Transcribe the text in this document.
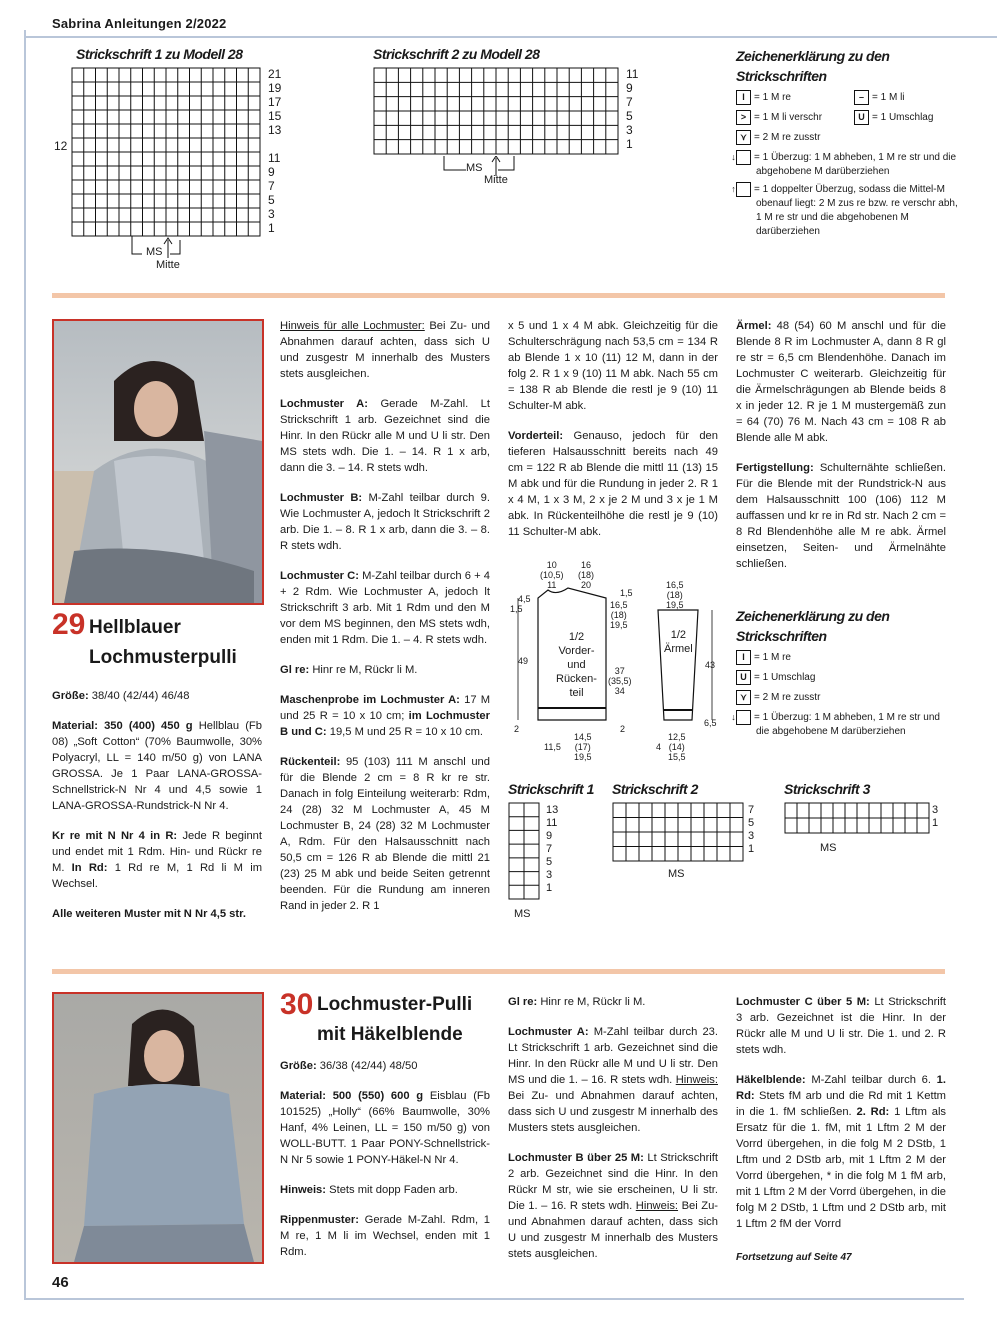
Sabrina Anleitungen 2/2022
Strickschrift 1 zu Modell 28
21
19
17
15
13
11
9
7
5
3
1
12
MS
Mitte
Strickschrift 2 zu Modell 28
11
9
7
5
3
1
MS
Mitte
Zeichenerklärung zu den Strickschriften
I = 1 M re	– = 1 M li
> = 1 M li verschr	U = 1 Umschlag
⋎ = 2 M re zusstr
↓ = 1 Überzug: 1 M abheben, 1 M re str und die abgehobene M darüberziehen
↑ = 1 doppelter Überzug, sodass die Mittel-M obenauf liegt: 2 M zus re bzw. re verschr abh, 1 M re str und die abgehobenen M darüberziehen
29 Hellblauer
Lochmusterpulli

Größe: 38/40 (42/44) 46/48

Material: 350 (400) 450 g Hellblau (Fb 08) „Soft Cotton“ (70% Baumwolle, 30% Polyacryl, LL = 140 m/50 g) von LANA GROSSA. Je 1 Paar LANA-GROSSA-Schnellstrick-N Nr 4 und 4,5 sowie 1 LANA-GROSSA-Rundstrick-N Nr 4.

Kr re mit N Nr 4 in R: Jede R beginnt und endet mit 1 Rdm. Hin- und Rückr re M. In Rd: 1 Rd re M, 1 Rd li M im Wechsel.

Alle weiteren Muster mit N Nr 4,5 str.

Hinweis für alle Lochmuster: Bei Zu- und Abnahmen darauf achten, dass sich U und zusgestr M innerhalb des Musters stets ausgleichen.

Lochmuster A: Gerade M-Zahl. Lt Strickschrift 1 arb. Gezeichnet sind die Hinr. In den Rückr alle M und U li str. Den MS stets wdh. Die 1. – 14. R 1 x arb, dann die 3. – 14. R stets wdh.

Lochmuster B: M-Zahl teilbar durch 9. Wie Lochmuster A, jedoch lt Strickschrift 2 arb. Die 1. – 8. R 1 x arb, dann die 3. – 8. R stets wdh.

Lochmuster C: M-Zahl teilbar durch 6 + 4 + 2 Rdm. Wie Lochmuster A, jedoch lt Strickschrift 3 arb. Mit 1 Rdm und den M vor dem MS beginnen, den MS stets wdh, enden mit 1 Rdm. Die 1. – 4. R stets wdh.

Gl re: Hinr re M, Rückr li M.

Maschenprobe im Lochmuster A: 17 M und 25 R = 10 x 10 cm; im Lochmuster B und C: 19,5 M und 25 R = 10 x 10 cm.

Rückenteil: 95 (103) 111 M anschl und für die Blende 2 cm = 8 R kr re str. Danach in folg Einteilung weiterarb: Rdm, 24 (28) 32 M Lochmuster A, 45 M Lochmuster B, 24 (28) 32 M Lochmuster A, Rdm. Für den Halsausschnitt nach 50,5 cm = 126 R ab Blende die mittl 21 (23) 25 M abk und beide Seiten getrennt beenden. Für die Rundung am inneren Rand in jeder 2. R 1

x 5 und 1 x 4 M abk. Gleichzeitig für die Schulterschrägung nach 53,5 cm = 134 R ab Blende 1 x 10 (11) 12 M, dann in der folg 2. R 1 x 9 (10) 11 M abk. Nach 55 cm = 138 R ab Blende die restl je 9 (10) 11 Schulter-M abk.

Vorderteil: Genauso, jedoch für den tieferen Halsausschnitt bereits nach 49 cm = 122 R ab Blende die mittl 11 (13) 15 M abk und für die Rundung in jeder 2. R 1 x 4 M, 1 x 3 M, 2 x je 2 M und 3 x je 1 M abk. In Rückenteilhöhe die restl je 9 (10) 11 Schulter-M abk.

Ärmel: 48 (54) 60 M anschl und für die Blende 8 R im Lochmuster A, dann 8 R gl re str = 6,5 cm Blendenhöhe. Danach im Lochmuster C weiterarb. Gleichzeitig für die Ärmelschrägungen ab Blende beids 8 x in jeder 12. R je 1 M mustergemäß zun = 64 (70) 76 M. Nach 43 cm = 108 R ab Blende alle M abk.

Fertigstellung: Schulternähte schließen. Für die Blende mit der Rundstrick-N aus dem Halsausschnitt 100 (106) 112 M auffassen und kr re in Rd str. Nach 2 cm = 8 Rd Blendenhöhe alle M re abk. Ärmel einsetzen, Seiten- und Ärmelnähte schließen.

Zeichenerklärung zu den Strickschriften
I = 1 M re
U = 1 Umschlag
⋎ = 2 M re zusstr
↓ = 1 Überzug: 1 M abheben, 1 M re str und die abgehobene M darüberziehen
10
(10,5)
11
16
(18)
20
1,5
4,5
1,5	16,5
(18)
19,5
49
1/2
Vorder-
und
Rücken-
teil
37
(35,5)
34
2	2
14,5
(17)
19,5
11,5
16,5
(18)
19,5
1/2
Ärmel
43
6,5
4
12,5
(14)
15,5
Strickschrift 1
13
11
9
7
5
3
1
MS
Strickschrift 2
7
5
3
1
MS
Strickschrift 3
3
1
MS
30 Lochmuster-Pulli
mit Häkelblende

Größe: 36/38 (42/44) 48/50

Material: 500 (550) 600 g Eisblau (Fb 101525) „Holly“ (66% Baumwolle, 30% Hanf, 4% Leinen, LL = 150 m/50 g) von WOLL-BUTT. 1 Paar PONY-Schnellstrick-N Nr 5 sowie 1 PONY-Häkel-N Nr 4.

Hinweis: Stets mit dopp Faden arb.

Rippenmuster: Gerade M-Zahl. Rdm, 1 M re, 1 M li im Wechsel, enden mit 1 Rdm.

Gl re: Hinr re M, Rückr li M.

Lochmuster A: M-Zahl teilbar durch 23. Lt Strickschrift 1 arb. Gezeichnet sind die Hinr. In den Rückr alle M und U li str. Den MS und die 1. – 16. R stets wdh. Hinweis: Bei Zu- und Abnahmen darauf achten, dass sich U und zusgestr M innerhalb des Musters stets ausgleichen.

Lochmuster B über 25 M: Lt Strickschrift 2 arb. Gezeichnet sind die Hinr. In den Rückr M str, wie sie erscheinen, U li str. Die 1. – 16. R stets wdh. Hinweis: Bei Zu- und Abnahmen darauf achten, dass sich U und zusgestr M innerhalb des Musters stets ausgleichen.

Lochmuster C über 5 M: Lt Strickschrift 3 arb. Gezeichnet ist die Hinr. In der Rückr alle M und U li str. Die 1. und 2. R stets wdh.

Häkelblende: M-Zahl teilbar durch 6. 1. Rd: Stets fM arb und die Rd mit 1 Kettm in die 1. fM schließen. 2. Rd: 1 Lftm als Ersatz für die 1. fM, mit 1 Lftm 2 M der Vorrd übergehen, in die folg M 2 DStb, 1 Lftm und 2 DStb arb, mit 1 Lftm 2 M der Vorrd übergehen, * in die folg M 1 fM arb, mit 1 Lftm 2 M der Vorrd übergehen, in die folg M 2 DStb, 1 Lftm und 2 DStb arb, mit 1 Lftm 2 fM der Vorrd

Fortsetzung auf Seite 47
46
